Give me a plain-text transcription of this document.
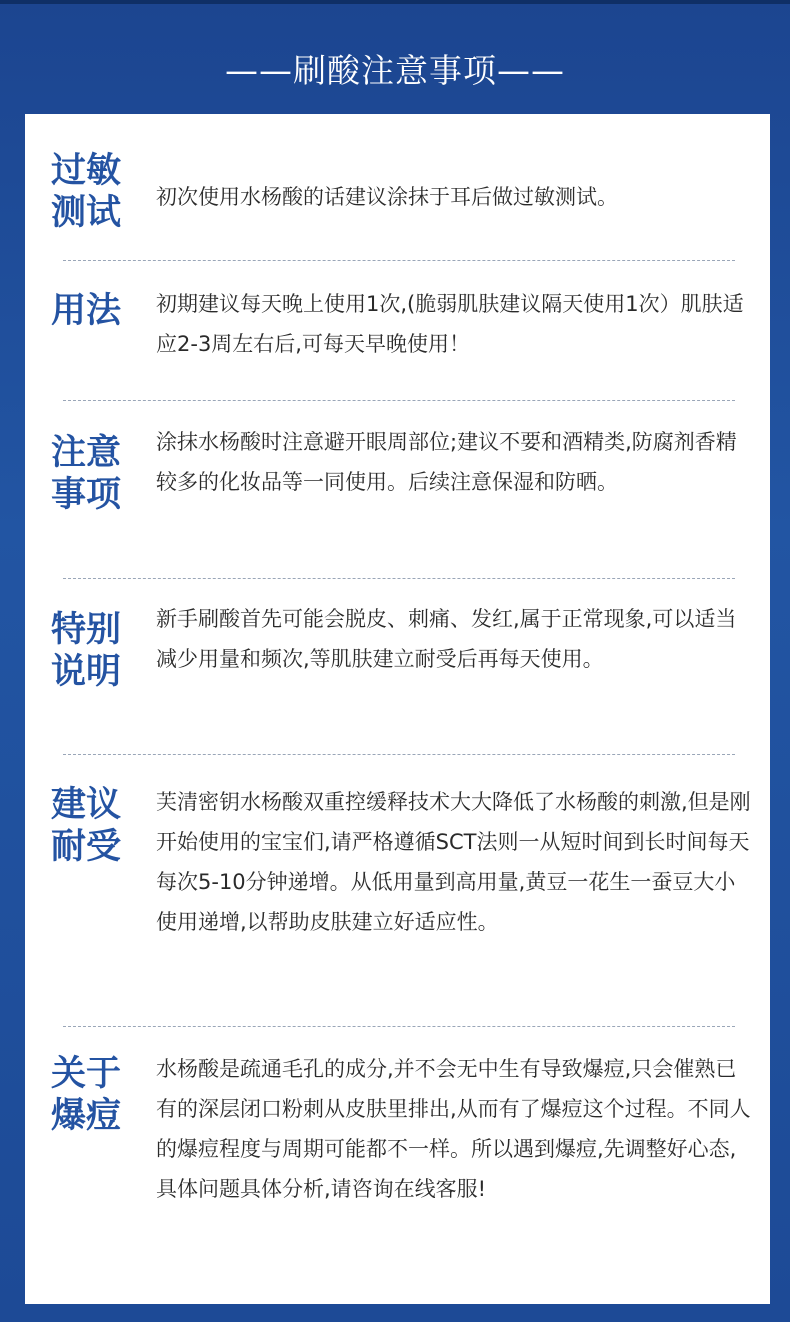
——刷酸注意事项——
过敏测试	初次使用水杨酸的话建议涂抹于耳后做过敏测试。
用法	初期建议每天晚上使用1次,(脆弱肌肤建议隔天使用1次）肌肤适应2-3周左右后,可每天早晚使用！
注意事项
涂抹水杨酸时注意避开眼周部位;建议不要和酒精类,防腐剂香精较多的化妆品等一同使用。后续注意保湿和防晒。
特别说明
新手刷酸首先可能会脱皮、刺痛、发红,属于正常现象,可以适当减少用量和频次,等肌肤建立耐受后再每天使用。
建议耐受
芙清密钥水杨酸双重控缓释技术大大降低了水杨酸的刺激,但是刚开始使用的宝宝们,请严格遵循SCT法则一从短时间到长时间每天每次5-10分钟递增。从低用量到高用量,黄豆一花生一蚕豆大小使用递增,以帮助皮肤建立好适应性。
关于爆痘
水杨酸是疏通毛孔的成分,并不会无中生有导致爆痘,只会催熟已有的深层闭口粉刺从皮肤里排出,从而有了爆痘这个过程。不同人的爆痘程度与周期可能都不一样。所以遇到爆痘,先调整好心态,具体问题具体分析,请咨询在线客服!
